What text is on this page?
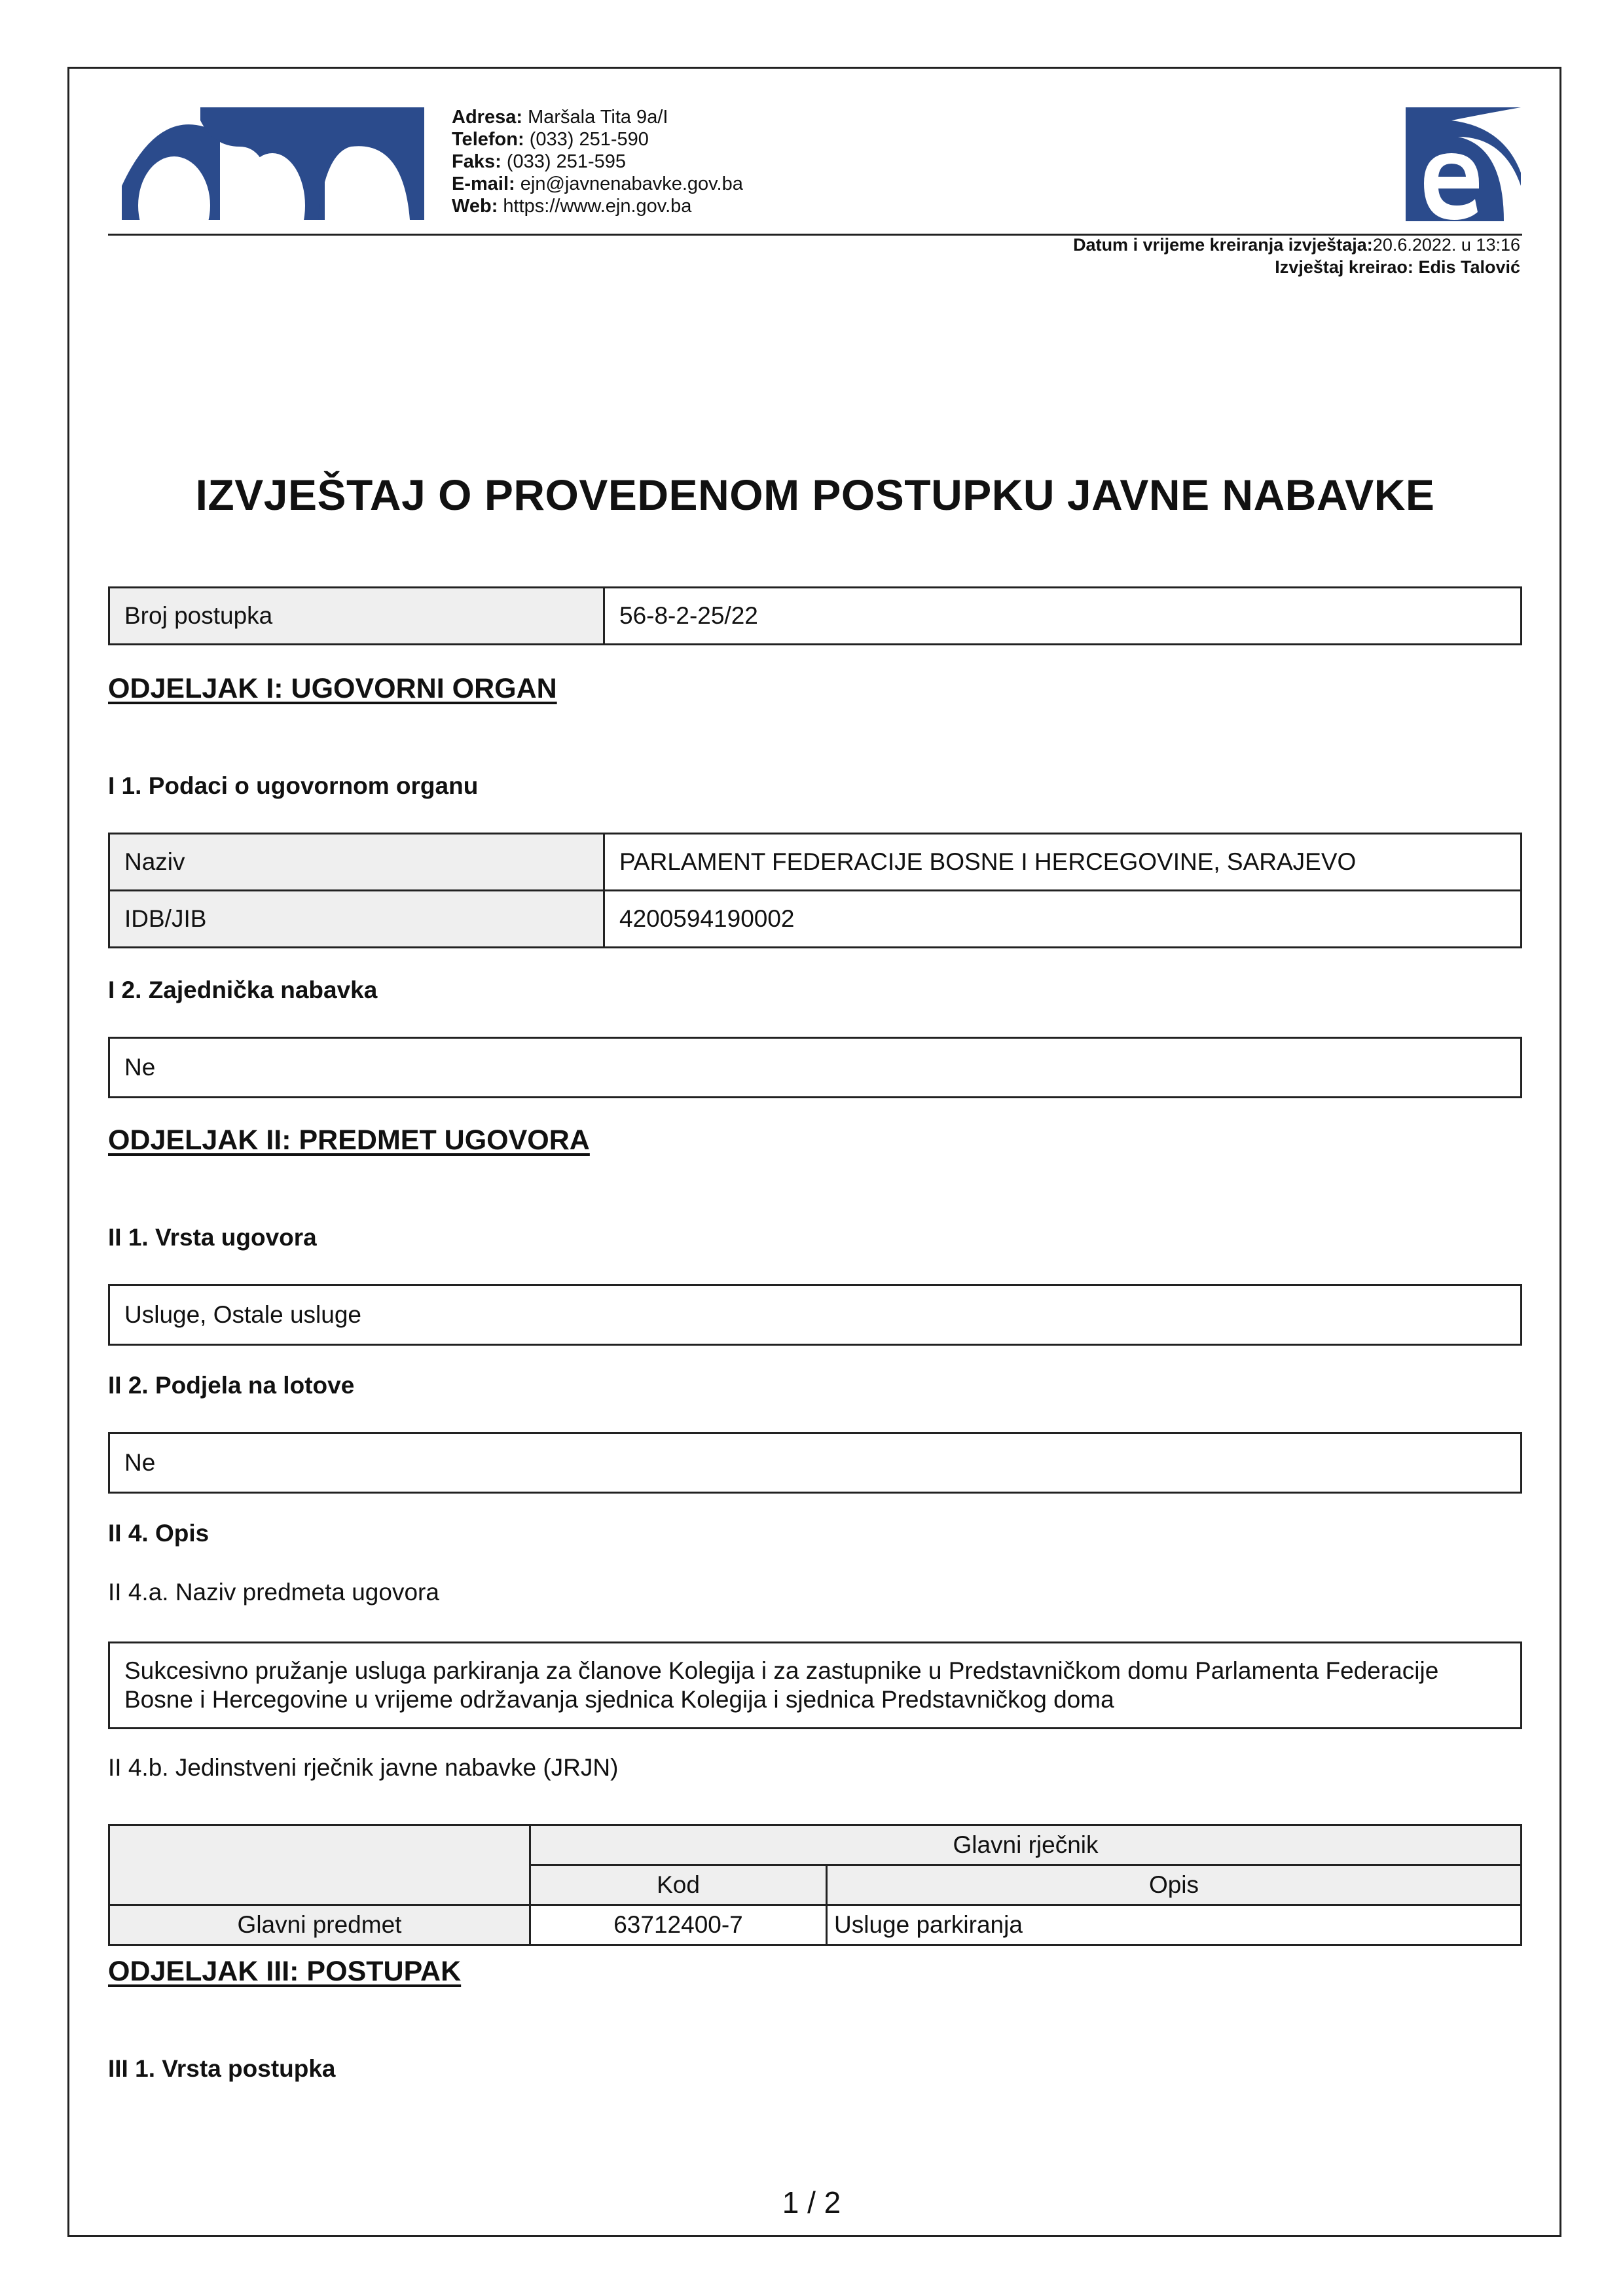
Adresa: Maršala Tita 9a/I
Telefon: (033) 251-590
Faks: (033) 251-595
E-mail: ejn@javnenabavke.gov.ba
Web: https://www.ejn.gov.ba
Datum i vrijeme kreiranja izvještaja:20.6.2022. u 13:16
Izvještaj kreirao: Edis Talović
IZVJEŠTAJ O PROVEDENOM POSTUPKU JAVNE NABAVKE
Broj postupka	56-8-2-25/22
ODJELJAK I: UGOVORNI ORGAN
I 1. Podaci o ugovornom organu
Naziv	PARLAMENT FEDERACIJE BOSNE I HERCEGOVINE, SARAJEVO
IDB/JIB	4200594190002
I 2. Zajednička nabavka
Ne
ODJELJAK II: PREDMET UGOVORA
II 1. Vrsta ugovora
Usluge, Ostale usluge
II 2. Podjela na lotove
Ne
II 4. Opis
II 4.a. Naziv predmeta ugovora
Sukcesivno pružanje usluga parkiranja za članove Kolegija i za zastupnike u Predstavničkom domu Parlamenta Federacije
Bosne i Hercegovine u vrijeme održavanja sjednica Kolegija i sjednica Predstavničkog doma
II 4.b. Jedinstveni rječnik javne nabavke (JRJN)
	Glavni rječnik	
	Kod	Opis
Glavni predmet	63712400-7	Usluge parkiranja
ODJELJAK III: POSTUPAK
III 1. Vrsta postupka
1 / 2
